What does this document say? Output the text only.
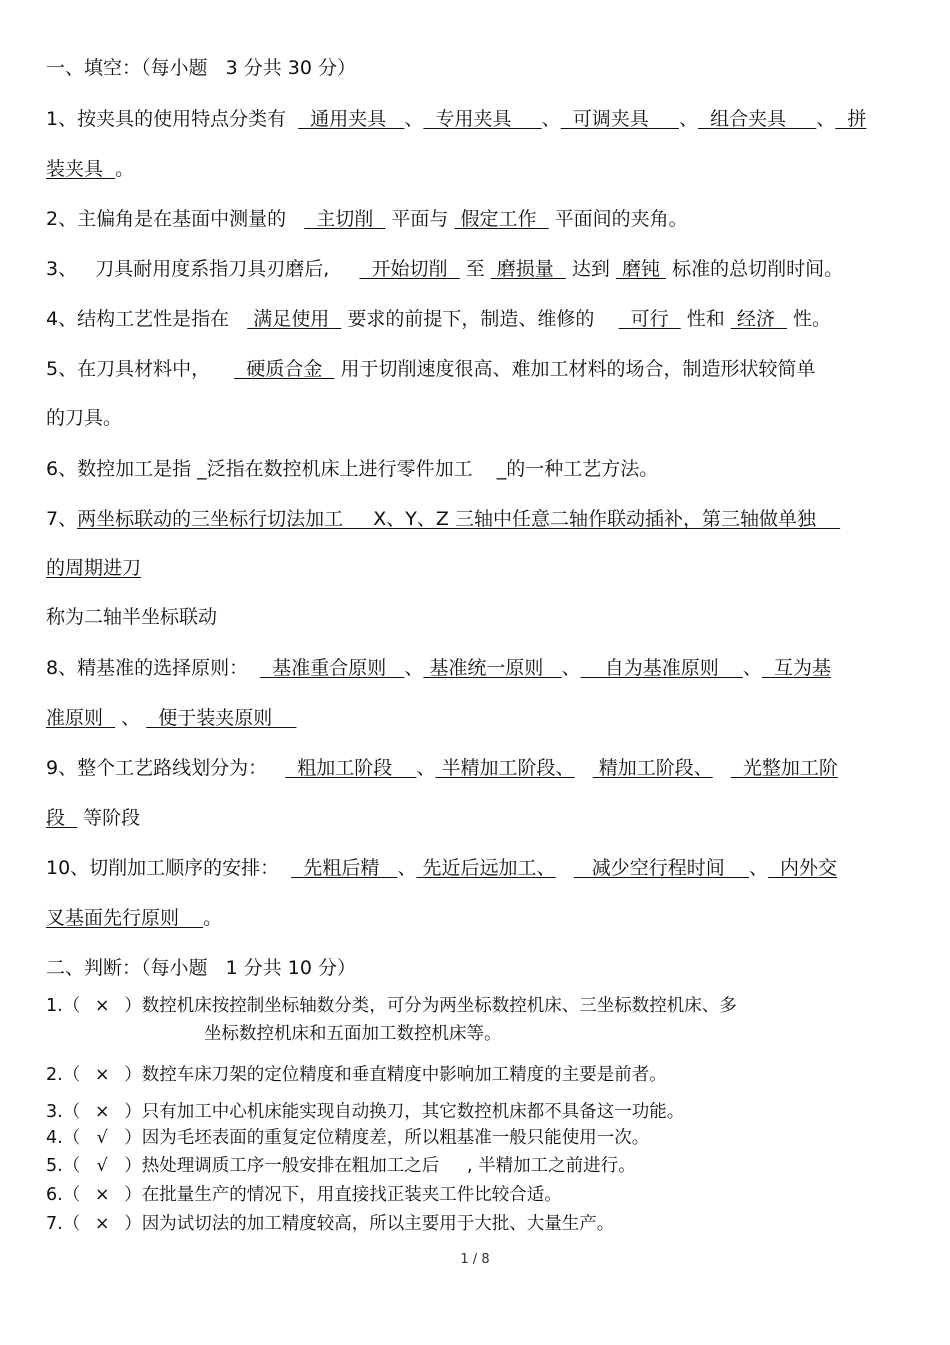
一、填空：（每小题   3 分共 30 分）
1、按夹具的使用特点分类有    通用夹具   、  专用夹具     、  可调夹具     、  组合夹具     、  拼
装夹具  。
2、主偏角是在基面中测量的     主切削   平面与  假定工作   平面间的夹角。
3、   刀具耐用度系指刀具刃磨后,       开始切削   至  磨损量   达到  磨钝  标准的总切削时间。
4、结构工艺性是指在    满足使用   要求的前提下，制造、维修的      可行   性和  经济   性。
5、在刀具材料中，      硬质合金   用于切削速度很高、难加工材料的场合，制造形状较简单
的刀具。
6、数控加工是指 _泛指在数控机床上进行零件加工    _的一种工艺方法。
7、两坐标联动的三坐标行切法加工     X、Y、Z 三轴中任意二轴作联动插补，第三轴做单独
的周期进刀
称为二轴半坐标联动
8、精基准的选择原则：    基准重合原则   、 基准统一原则   、    自为基准原则    、  互为基
准原则   、   便于装夹原则
9、整个工艺路线划分为：     粗加工阶段    、 半精加工阶段、    精加工阶段、     光整加工阶
段   等阶段
10、切削加工顺序的安排：    先粗后精   、 先近后远加工、      减少空行程时间    、  内外交
叉基面先行原则    。
二、判断：（每小题   1 分共 10 分）
1.（ × ）数控机床按控制坐标轴数分类，可分为两坐标数控机床、三坐标数控机床、多
坐标数控机床和五面加工数控机床等。
2.（ × ）数控车床刀架的定位精度和垂直精度中影响加工精度的主要是前者。
3.（ × ）只有加工中心机床能实现自动换刀，其它数控机床都不具备这一功能。
4.（ √ ）因为毛坯表面的重复定位精度差，所以粗基准一般只能使用一次。
5.（ √ ）热处理调质工序一般安排在粗加工之后     , 半精加工之前进行。
6.（ × ）在批量生产的情况下，用直接找正装夹工件比较合适。
7.（ × ）因为试切法的加工精度较高，所以主要用于大批、大量生产。
1 / 8
